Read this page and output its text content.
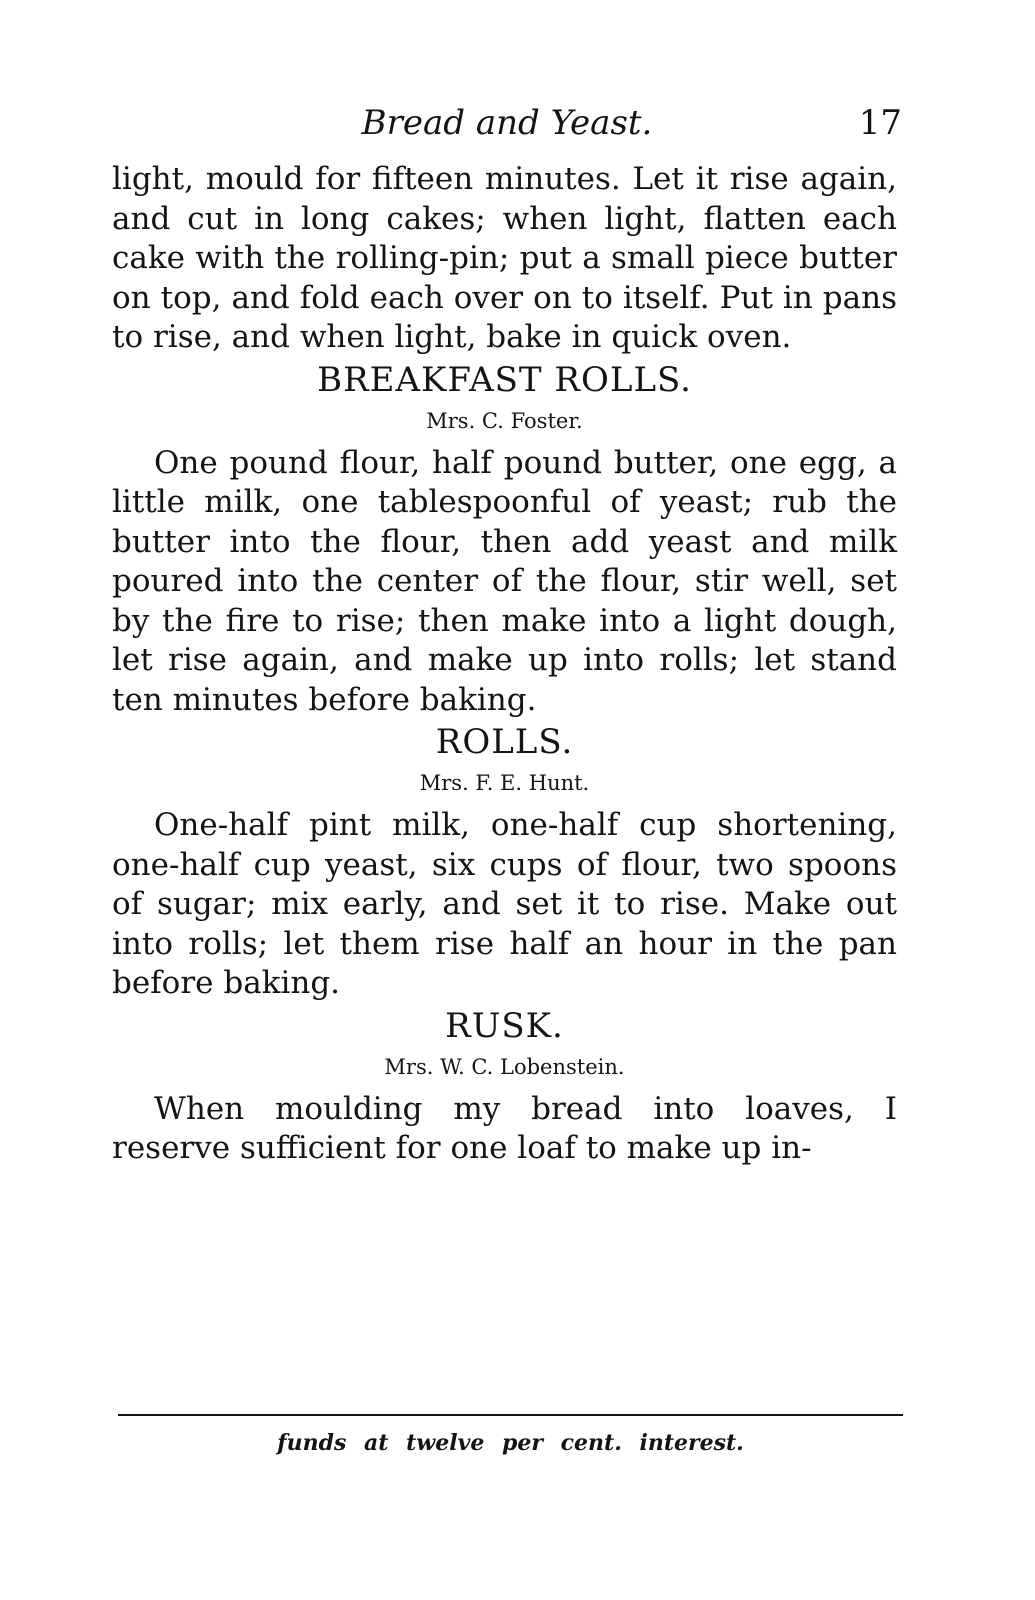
Bread and Yeast.	17

light, mould for fifteen minutes. Let it rise again, and cut in long cakes; when light, flatten each cake with the rolling-pin; put a small piece butter on top, and fold each over on to itself. Put in pans to rise, and when light, bake in quick oven.

BREAKFAST ROLLS.

Mrs. C. Foster.

One pound flour, half pound butter, one egg, a little milk, one tablespoonful of yeast; rub the butter into the flour, then add yeast and milk poured into the center of the flour, stir well, set by the fire to rise; then make into a light dough, let rise again, and make up into rolls; let stand ten minutes before baking.

ROLLS.

Mrs. F. E. Hunt.

One-half pint milk, one-half cup shortening, one-half cup yeast, six cups of flour, two spoons of sugar; mix early, and set it to rise. Make out into rolls; let them rise half an hour in the pan before baking.

RUSK.

Mrs. W. C. Lobenstein.

When moulding my bread into loaves, I reserve sufficient for one loaf to make up in-

funds at twelve per cent. interest.
